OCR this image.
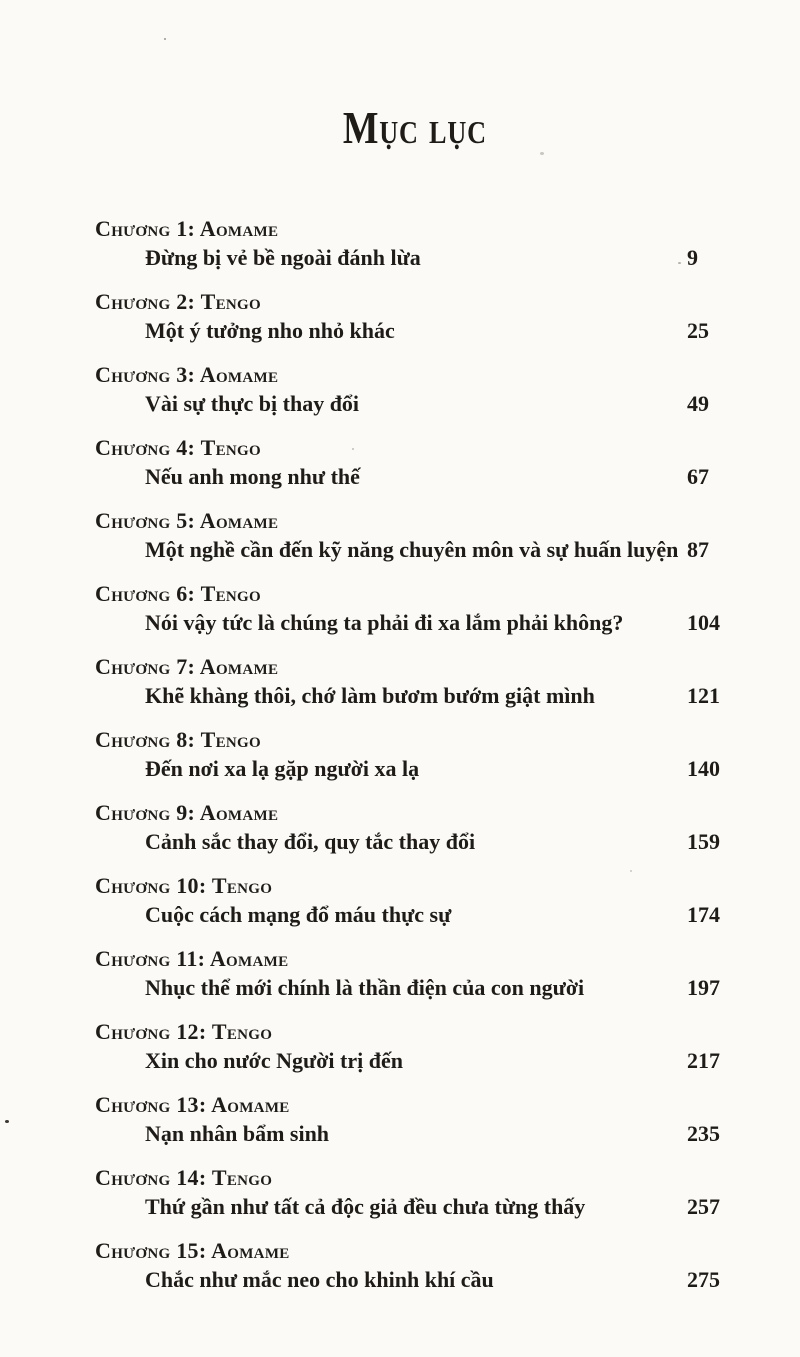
Mục lục
Chương 1: Aomame
Đừng bị vẻ bề ngoài đánh lừa	9
Chương 2: Tengo
Một ý tưởng nho nhỏ khác	25
Chương 3: Aomame
Vài sự thực bị thay đổi	49
Chương 4: Tengo
Nếu anh mong như thế	67
Chương 5: Aomame
Một nghề cần đến kỹ năng chuyên môn và sự huấn luyện 87
Chương 6: Tengo
Nói vậy tức là chúng ta phải đi xa lắm phải không?	104
Chương 7: Aomame
Khẽ khàng thôi, chớ làm bươm bướm giật mình	121
Chương 8: Tengo
Đến nơi xa lạ gặp người xa lạ	140
Chương 9: Aomame
Cảnh sắc thay đổi, quy tắc thay đổi	159
Chương 10: Tengo
Cuộc cách mạng đổ máu thực sự	174
Chương 11: Aomame
Nhục thể mới chính là thần điện của con người	197
Chương 12: Tengo
Xin cho nước Người trị đến	217
Chương 13: Aomame
Nạn nhân bẩm sinh	235
Chương 14: Tengo
Thứ gần như tất cả độc giả đều chưa từng thấy	257
Chương 15: Aomame
Chắc như mắc neo cho khinh khí cầu	275
